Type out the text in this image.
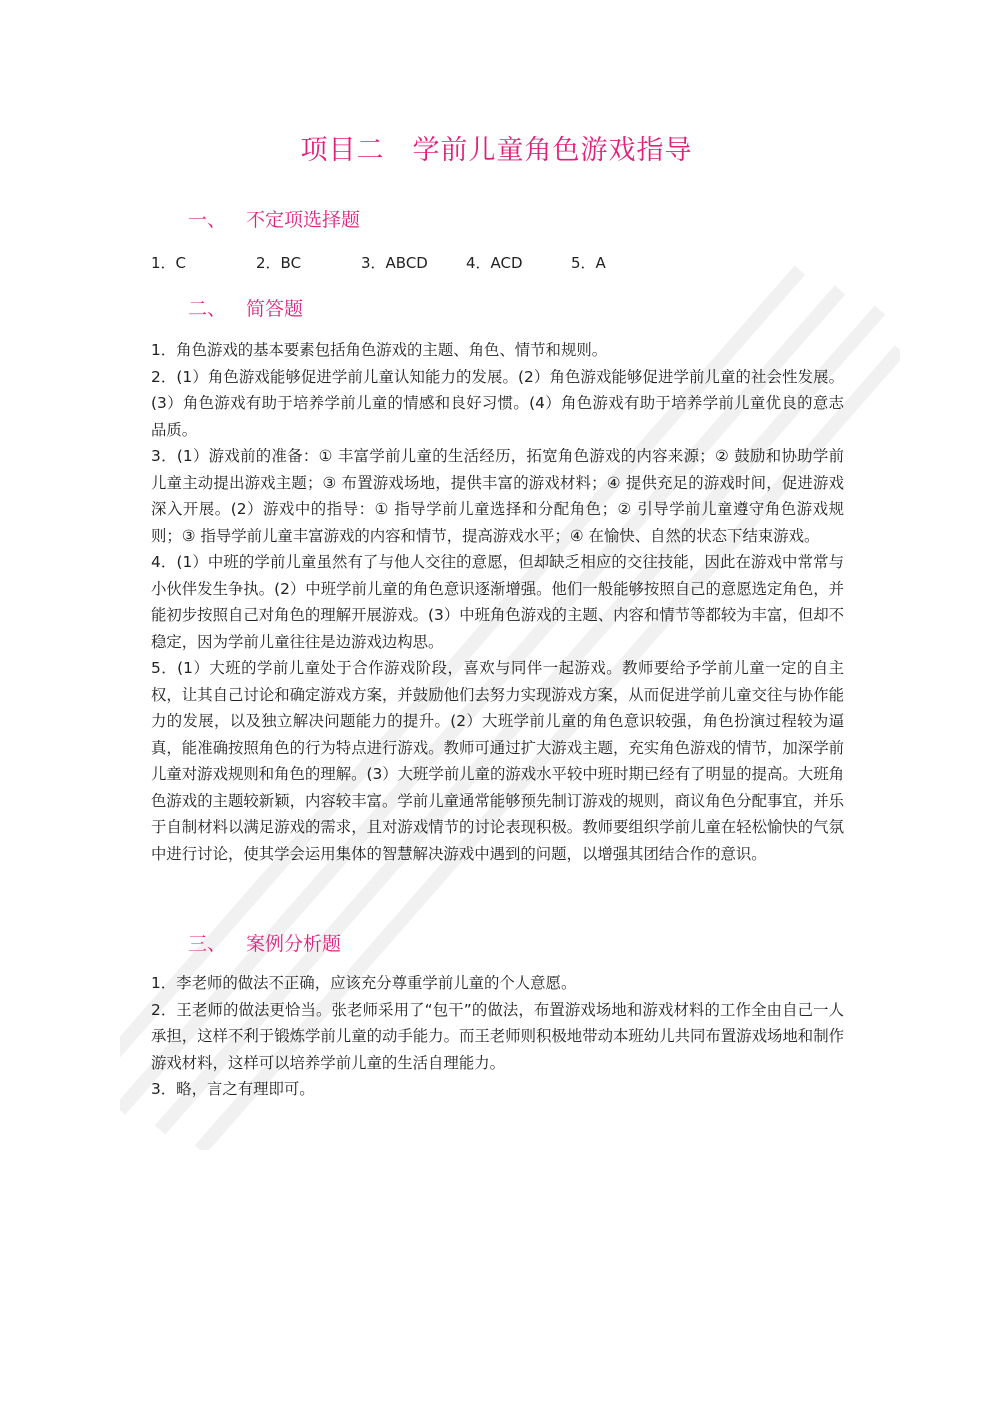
项目二　学前儿童角色游戏指导
一、 不定项选择题
1．C	2．BC	3．ABCD	4．ACD	5．A
二、 简答题

1．角色游戏的基本要素包括角色游戏的主题、角色、情节和规则。

2．(1）角色游戏能够促进学前儿童认知能力的发展。(2）角色游戏能够促进学前儿童的社会性发展。(3）角色游戏有助于培养学前儿童的情感和良好习惯。(4）角色游戏有助于培养学前儿童优良的意志品质。

3．(1）游戏前的准备：① 丰富学前儿童的生活经历，拓宽角色游戏的内容来源；② 鼓励和协助学前儿童主动提出游戏主题；③ 布置游戏场地，提供丰富的游戏材料；④ 提供充足的游戏时间，促进游戏深入开展。(2）游戏中的指导：① 指导学前儿童选择和分配角色；② 引导学前儿童遵守角色游戏规则；③ 指导学前儿童丰富游戏的内容和情节，提高游戏水平；④ 在愉快、自然的状态下结束游戏。

4．(1）中班的学前儿童虽然有了与他人交往的意愿，但却缺乏相应的交往技能，因此在游戏中常常与小伙伴发生争执。(2）中班学前儿童的角色意识逐渐增强。他们一般能够按照自己的意愿选定角色，并能初步按照自己对角色的理解开展游戏。(3）中班角色游戏的主题、内容和情节等都较为丰富，但却不稳定，因为学前儿童往往是边游戏边构思。

5．(1）大班的学前儿童处于合作游戏阶段，喜欢与同伴一起游戏。教师要给予学前儿童一定的自主权，让其自己讨论和确定游戏方案，并鼓励他们去努力实现游戏方案，从而促进学前儿童交往与协作能力的发展，以及独立解决问题能力的提升。(2）大班学前儿童的角色意识较强，角色扮演过程较为逼真，能准确按照角色的行为特点进行游戏。教师可通过扩大游戏主题，充实角色游戏的情节，加深学前儿童对游戏规则和角色的理解。(3）大班学前儿童的游戏水平较中班时期已经有了明显的提高。大班角色游戏的主题较新颖，内容较丰富。学前儿童通常能够预先制订游戏的规则，商议角色分配事宜，并乐于自制材料以满足游戏的需求，且对游戏情节的讨论表现积极。教师要组织学前儿童在轻松愉快的气氛中进行讨论，使其学会运用集体的智慧解决游戏中遇到的问题，以增强其团结合作的意识。

三、 案例分析题

1．李老师的做法不正确，应该充分尊重学前儿童的个人意愿。

2．王老师的做法更恰当。张老师采用了“包干”的做法，布置游戏场地和游戏材料的工作全由自己一人承担，这样不利于锻炼学前儿童的动手能力。而王老师则积极地带动本班幼儿共同布置游戏场地和制作游戏材料，这样可以培养学前儿童的生活自理能力。

3．略，言之有理即可。
